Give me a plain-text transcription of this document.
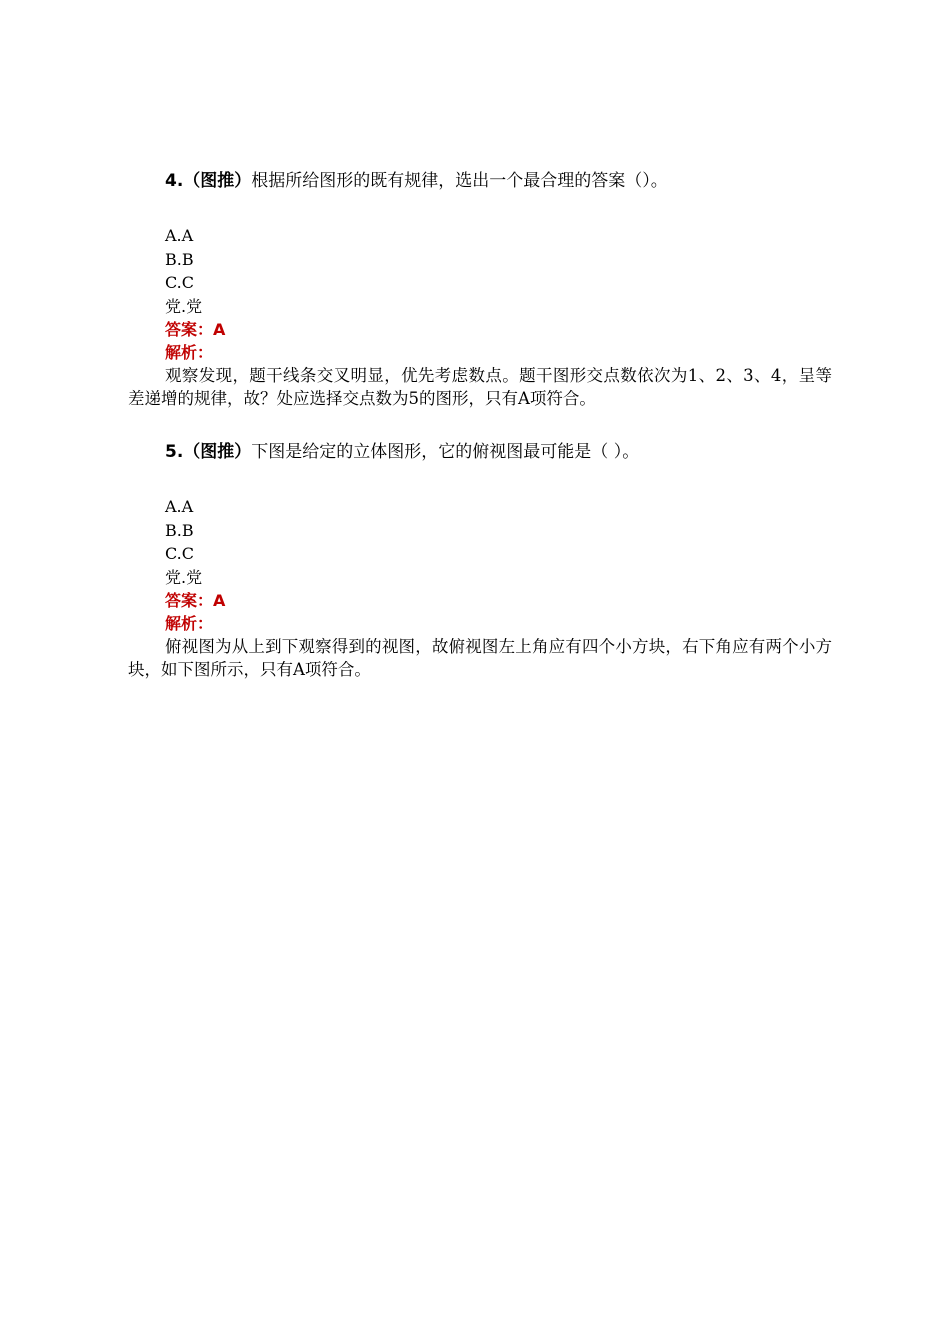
4.（图推）根据所给图形的既有规律，选出一个最合理的答案（）。
A.A
B.B
C.C
党.党
答案：A
解析：
观察发现，题干线条交叉明显，优先考虑数点。题干图形交点数依次为1、2、3、4，呈等差递增的规律，故？处应选择交点数为5的图形，只有A项符合。
5.（图推）下图是给定的立体图形，它的俯视图最可能是（ ）。
A.A
B.B
C.C
党.党
答案：A
解析：
俯视图为从上到下观察得到的视图，故俯视图左上角应有四个小方块，右下角应有两个小方块，如下图所示，只有A项符合。
